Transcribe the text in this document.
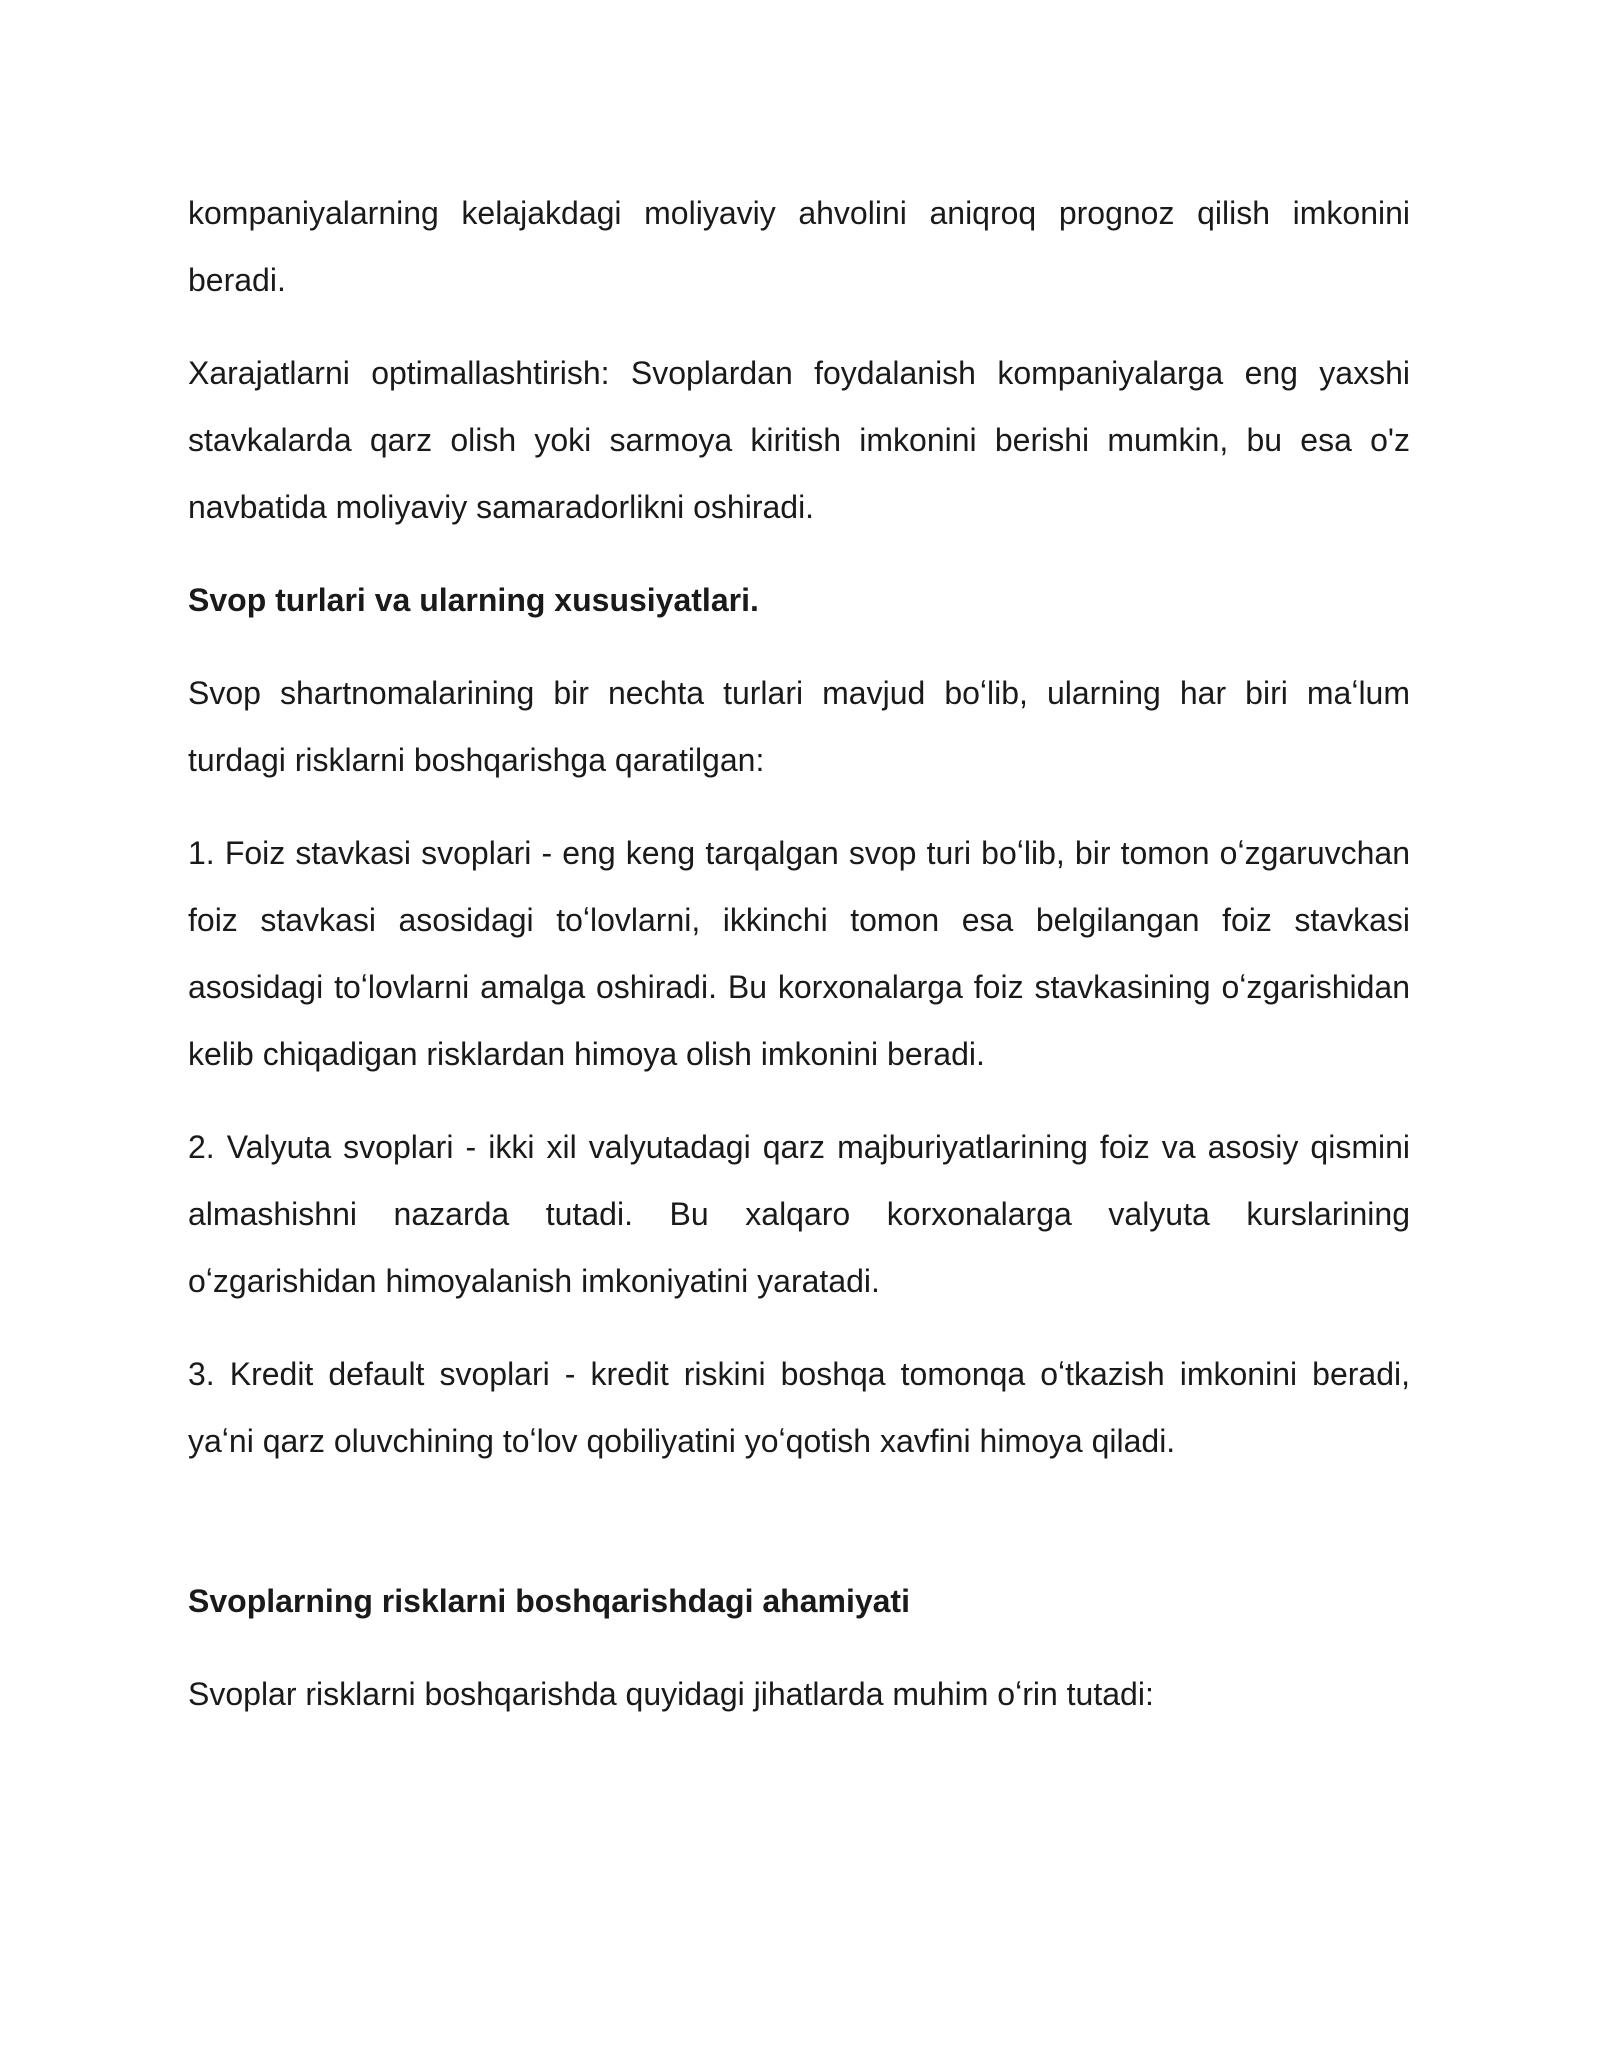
kompaniyalarning kelajakdagi moliyaviy ahvolini aniqroq prognoz qilish imkonini beradi.

Xarajatlarni optimallashtirish: Svoplardan foydalanish kompaniyalarga eng yaxshi stavkalarda qarz olish yoki sarmoya kiritish imkonini berishi mumkin, bu esa o'z navbatida moliyaviy samaradorlikni oshiradi.

Svop turlari va ularning xususiyatlari.

Svop shartnomalarining bir nechta turlari mavjud boʻlib, ularning har biri maʻlum turdagi risklarni boshqarishga qaratilgan:

1. Foiz stavkasi svoplari - eng keng tarqalgan svop turi boʻlib, bir tomon oʻzgaruvchan foiz stavkasi asosidagi toʻlovlarni, ikkinchi tomon esa belgilangan foiz stavkasi asosidagi toʻlovlarni amalga oshiradi. Bu korxonalarga foiz stavkasining oʻzgarishidan kelib chiqadigan risklardan himoya olish imkonini beradi.

2. Valyuta svoplari - ikki xil valyutadagi qarz majburiyatlarining foiz va asosiy qismini almashishni nazarda tutadi. Bu xalqaro korxonalarga valyuta kurslarining oʻzgarishidan himoyalanish imkoniyatini yaratadi.

3. Kredit default svoplari - kredit riskini boshqa tomonqa oʻtkazish imkonini beradi, yaʻni qarz oluvchining toʻlov qobiliyatini yoʻqotish xavfini himoya qiladi.

Svoplarning risklarni boshqarishdagi ahamiyati

Svoplar risklarni boshqarishda quyidagi jihatlarda muhim oʻrin tutadi:
